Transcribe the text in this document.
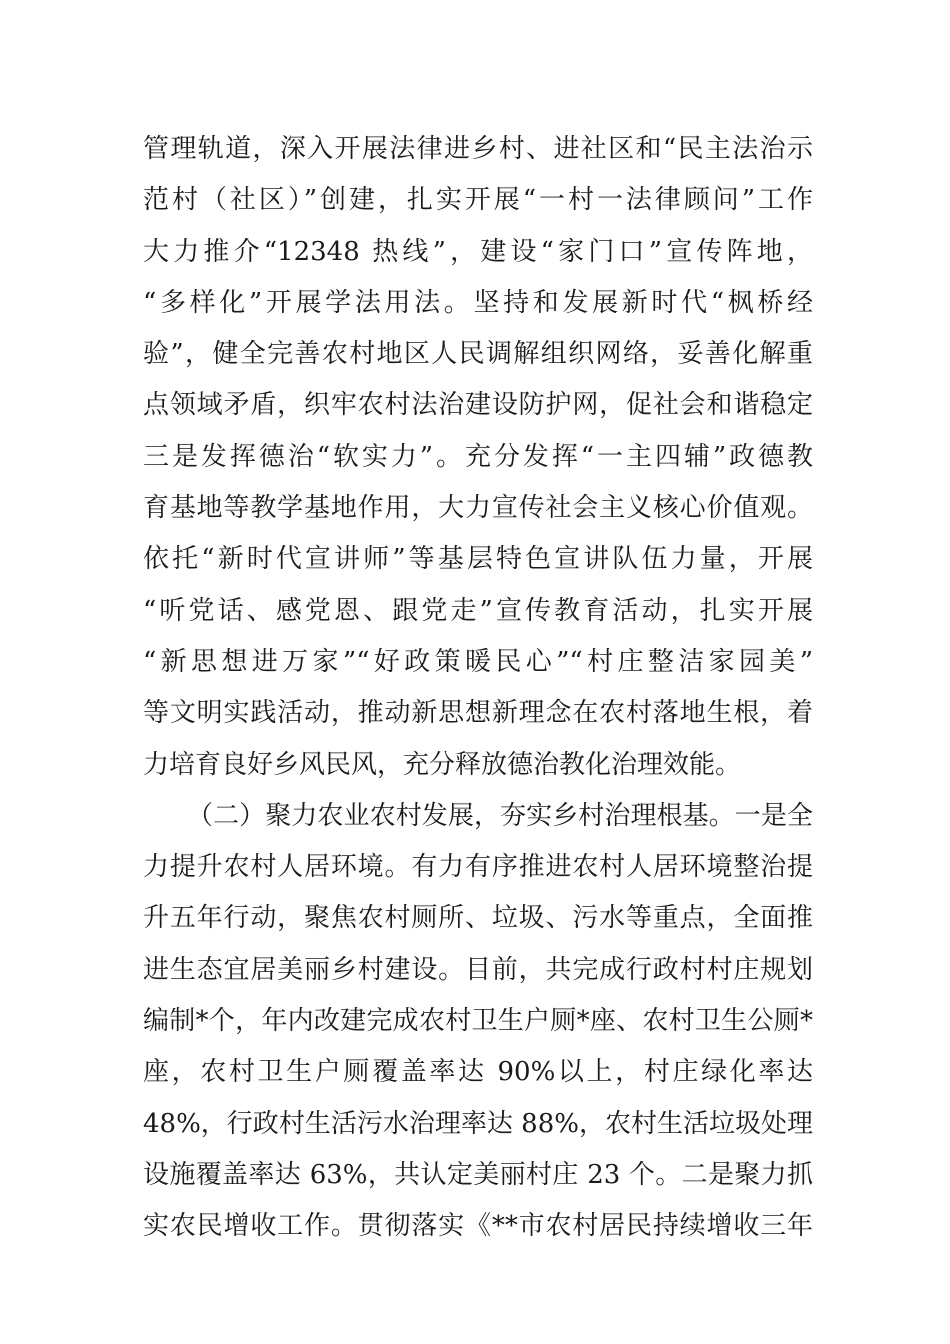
管理轨道，深入开展法律进乡村、进社区和“民主法治示
范村（社区）”创建，扎实开展“一村一法律顾问”工作
大力推介“12348 热线”，建设“家门口”宣传阵地，
“多样化”开展学法用法。坚持和发展新时代“枫桥经
验”，健全完善农村地区人民调解组织网络，妥善化解重
点领域矛盾，织牢农村法治建设防护网，促社会和谐稳定
三是发挥德治“软实力”。充分发挥“一主四辅”政德教
育基地等教学基地作用，大力宣传社会主义核心价值观。
依托“新时代宣讲师”等基层特色宣讲队伍力量，开展
“听党话、感党恩、跟党走”宣传教育活动，扎实开展
“新思想进万家”“好政策暖民心”“村庄整洁家园美”
等文明实践活动，推动新思想新理念在农村落地生根，着
力培育良好乡风民风，充分释放德治教化治理效能。
（二）聚力农业农村发展，夯实乡村治理根基。一是全
力提升农村人居环境。有力有序推进农村人居环境整治提
升五年行动，聚焦农村厕所、垃圾、污水等重点，全面推
进生态宜居美丽乡村建设。目前，共完成行政村村庄规划
编制*个，年内改建完成农村卫生户厕*座、农村卫生公厕*
座，农村卫生户厕覆盖率达 90%以上，村庄绿化率达
48%，行政村生活污水治理率达 88%，农村生活垃圾处理
设施覆盖率达 63%，共认定美丽村庄 23 个。二是聚力抓
实农民增收工作。贯彻落实《**市农村居民持续增收三年
